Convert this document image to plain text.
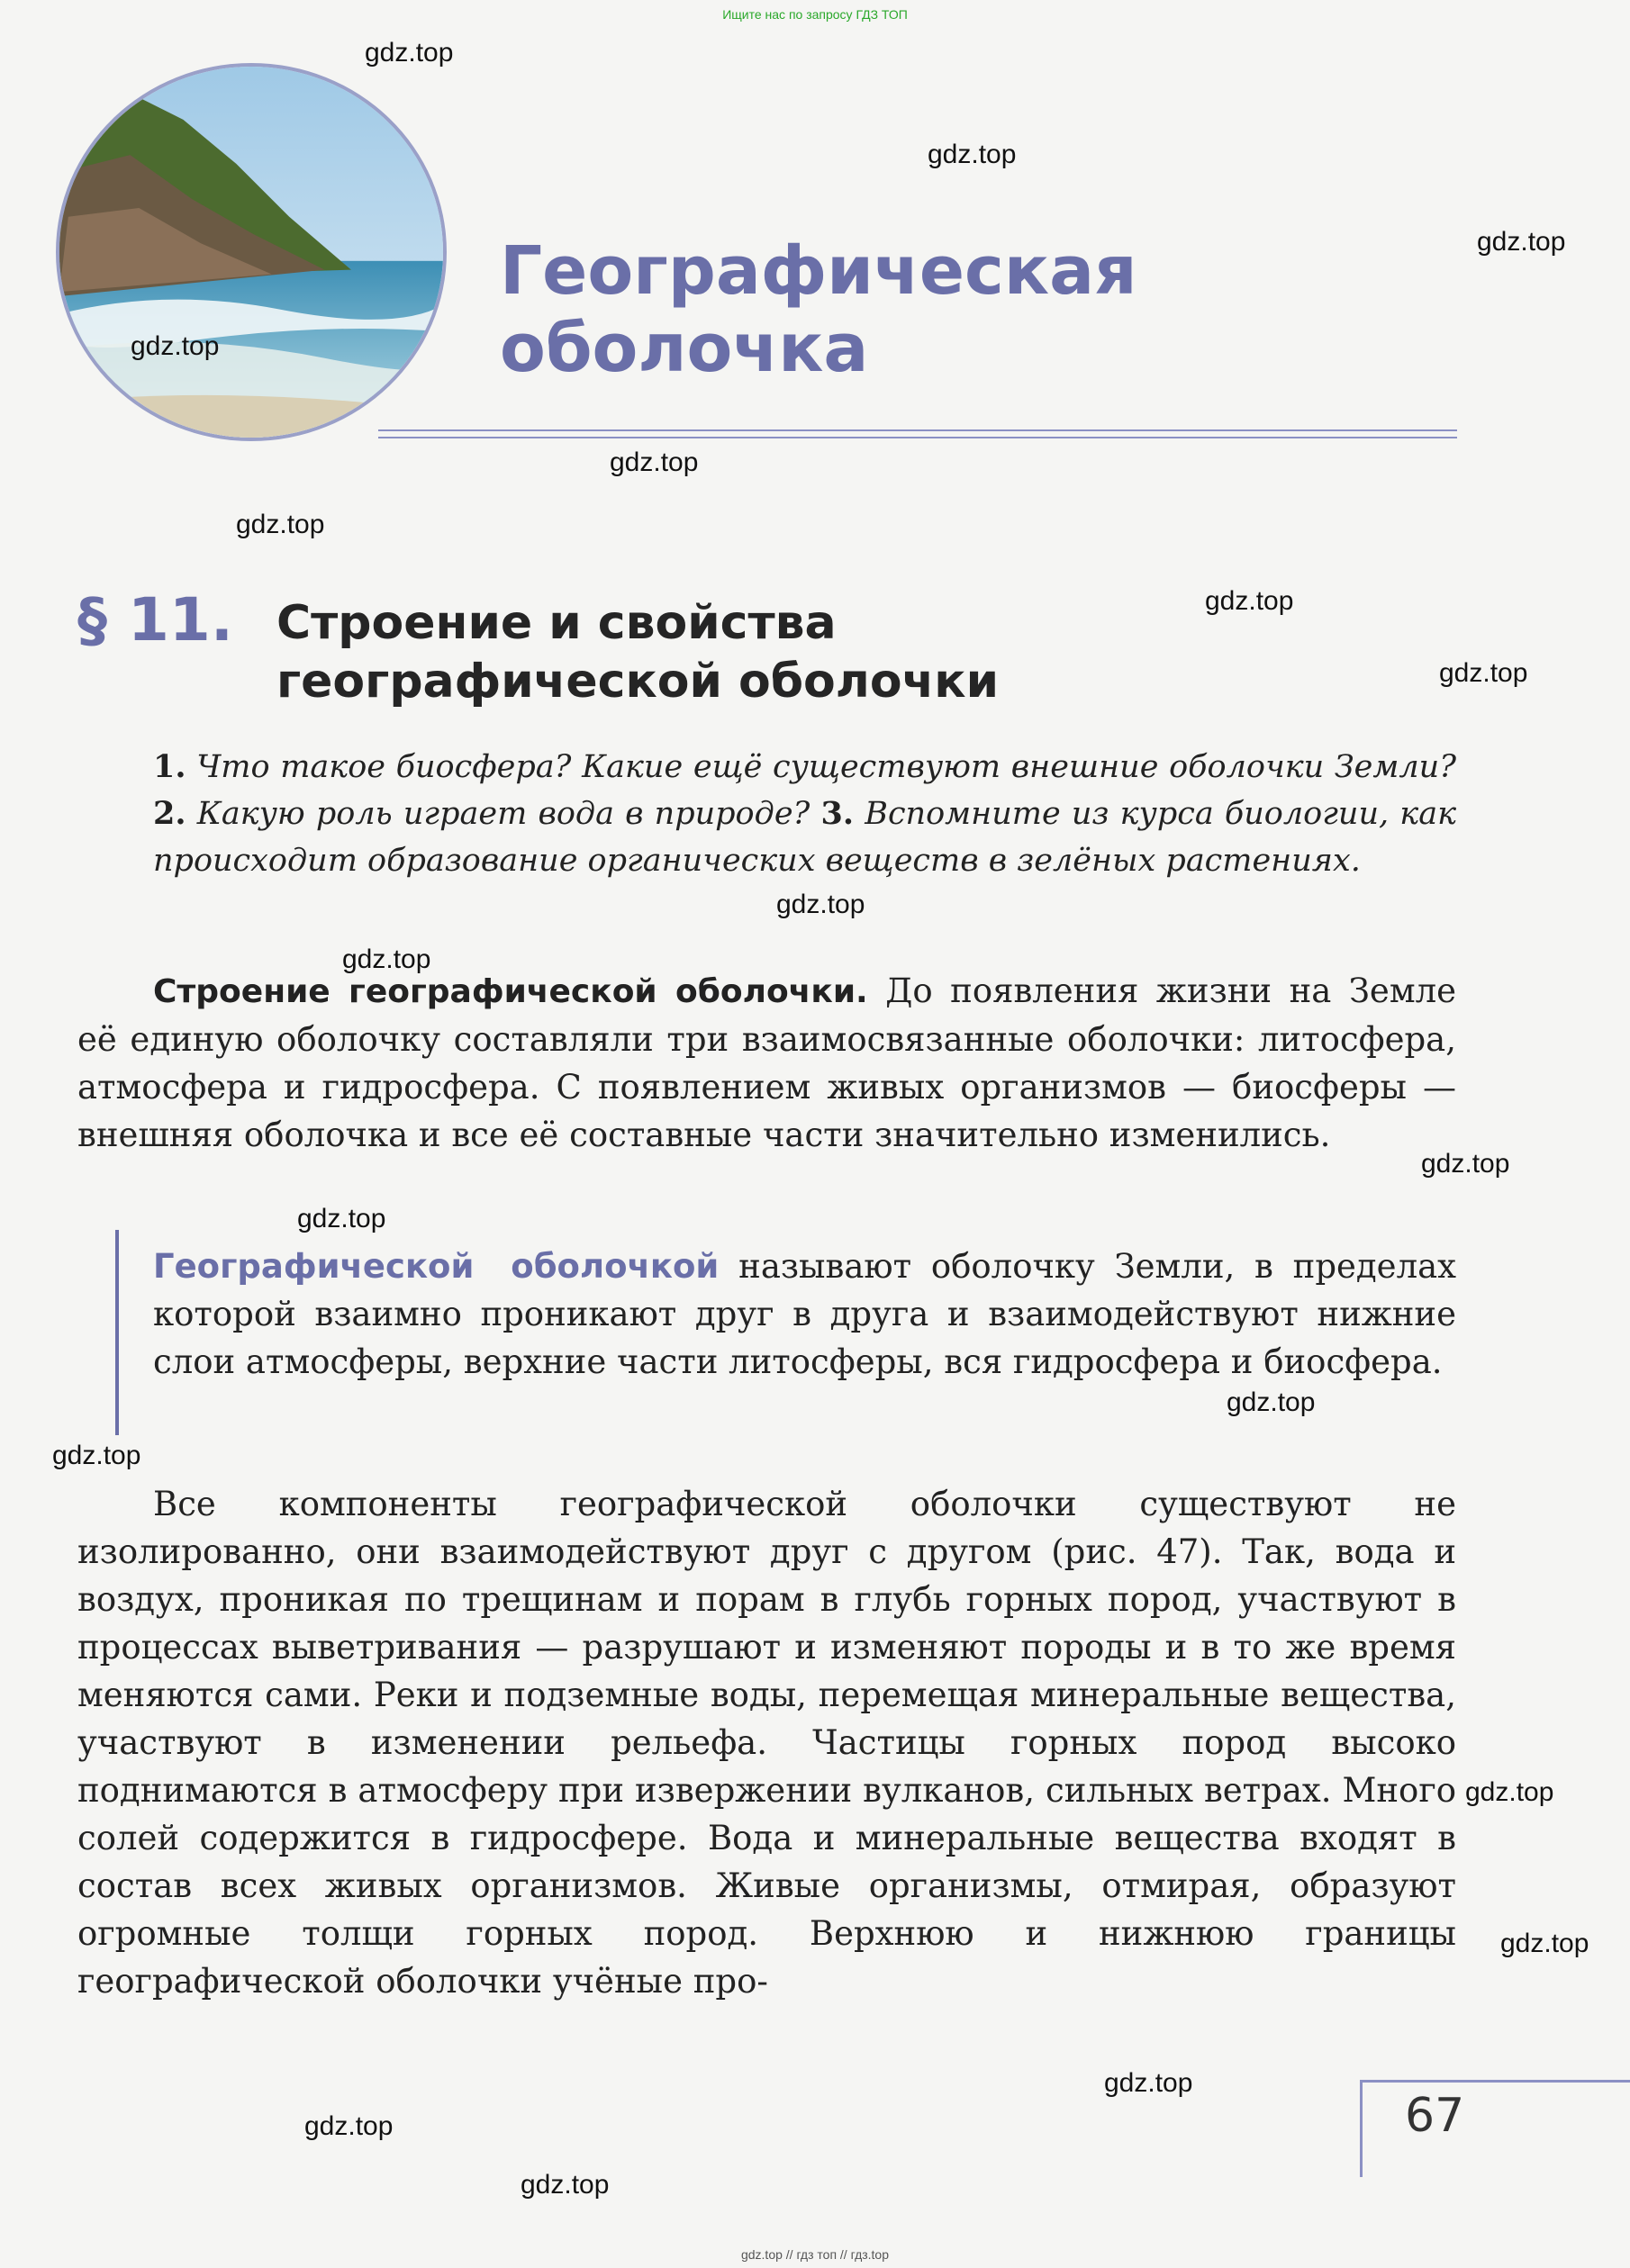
Ищите нас по запросу ГДЗ ТОП
Географическая оболочка
§ 11. Строение и свойства географической оболочки

1. Что такое биосфера? Какие ещё существуют внешние оболочки Земли? 2. Какую роль играет вода в природе? 3. Вспомните из курса биологии, как происходит образование органических веществ в зелёных растениях.

Строение географической оболочки. До появления жизни на Земле её единую оболочку составляли три взаимосвязанные оболочки: литосфера, атмосфера и гидросфера. С появлением живых организмов — биосферы — внешняя оболочка и все её составные части значительно изменились.

Географической оболочкой называют оболочку Земли, в пределах которой взаимно проникают друг в друга и взаимодействуют нижние слои атмосферы, верхние части литосферы, вся гидросфера и биосфера.

Все компоненты географической оболочки существуют не изолированно, они взаимодействуют друг с другом (рис. 47). Так, вода и воздух, проникая по трещинам и порам в глубь горных пород, участвуют в процессах выветривания — разрушают и изменяют породы и в то же время меняются сами. Реки и подземные воды, перемещая минеральные вещества, участвуют в изменении рельефа. Частицы горных пород высоко поднимаются в атмосферу при извержении вулканов, сильных ветрах. Много солей содержится в гидросфере. Вода и минеральные вещества входят в состав всех живых организмов. Живые организмы, отмирая, образуют огромные толщи горных пород. Верхнюю и нижнюю границы географической оболочки учёные про-

67
gdz.top
gdz.top
gdz.top
gdz.top
gdz.top
gdz.top
gdz.top
gdz.top
gdz.top
gdz.top
gdz.top
gdz.top
gdz.top
gdz.top
gdz.top
gdz.top
gdz.top
gdz.top
gdz.top
gdz.top // гдз топ // гдз.top
